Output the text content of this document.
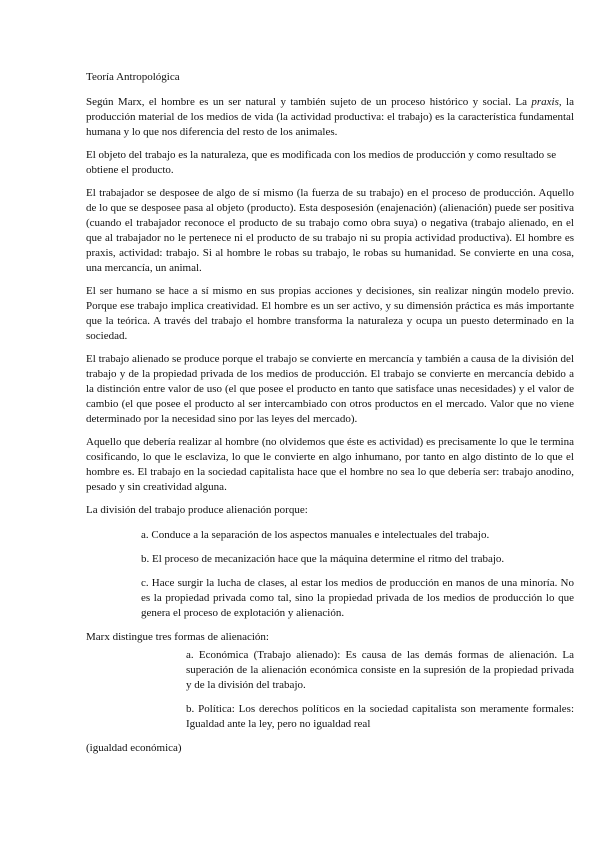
Teoría Antropológica
Según Marx, el hombre es un ser natural y también sujeto de un proceso histórico y social. La praxis, la producción material de los medios de vida (la actividad productiva: el trabajo) es la característica fundamental humana y lo que nos diferencia del resto de los animales.
El objeto del trabajo es la naturaleza, que es modificada con los medios de producción y como resultado se obtiene el producto.
El trabajador se desposee de algo de sí mismo (la fuerza de su trabajo) en el proceso de producción. Aquello de lo que se desposee pasa al objeto (producto). Esta desposesión (enajenación) (alienación) puede ser positiva (cuando el trabajador reconoce el producto de su trabajo como obra suya) o negativa (trabajo alienado, en el que al trabajador no le pertenece ni el producto de su trabajo ni su propia actividad productiva). El hombre es praxis, actividad: trabajo. Si al hombre le robas su trabajo, le robas su humanidad. Se convierte en una cosa, una mercancía, un animal.
El ser humano se hace a sí mismo en sus propias acciones y decisiones, sin realizar ningún modelo previo. Porque ese trabajo implica creatividad. El hombre es un ser activo, y su dimensión práctica es más importante que la teórica. A través del trabajo el hombre transforma la naturaleza y ocupa un puesto determinado en la sociedad.
El trabajo alienado se produce porque el trabajo se convierte en mercancía y también a causa de la división del trabajo y de la propiedad privada de los medios de producción. El trabajo se convierte en mercancía debido a la distinción entre valor de uso (el que posee el producto en tanto que satisface unas necesidades) y el valor de cambio (el que posee el producto al ser intercambiado con otros productos en el mercado. Valor que no viene determinado por la necesidad sino por las leyes del mercado).
Aquello que debería realizar al hombre (no olvidemos que éste es actividad) es precisamente lo que le termina cosificando, lo que le esclaviza, lo que le convierte en algo inhumano, por tanto en algo distinto de lo que el hombre es. El trabajo en la sociedad capitalista hace que el hombre no sea lo que debería ser: trabajo anodino, pesado y sin creatividad alguna.
La división del trabajo produce alienación porque:
a. Conduce a la separación de los aspectos manuales e intelectuales del trabajo.
b. El proceso de mecanización hace que la máquina determine el ritmo del trabajo.
c. Hace surgir la lucha de clases, al estar los medios de producción en manos de una minoría. No es la propiedad privada como tal, sino la propiedad privada de los medios de producción lo que genera el proceso de explotación y alienación.
Marx distingue tres formas de alienación:
a. Económica (Trabajo alienado): Es causa de las demás formas de alienación. La superación de la alienación económica consiste en la supresión de la propiedad privada y de la división del trabajo.
b. Política: Los derechos políticos en la sociedad capitalista son meramente formales: Igualdad ante la ley, pero no igualdad real
(igualdad económica)
